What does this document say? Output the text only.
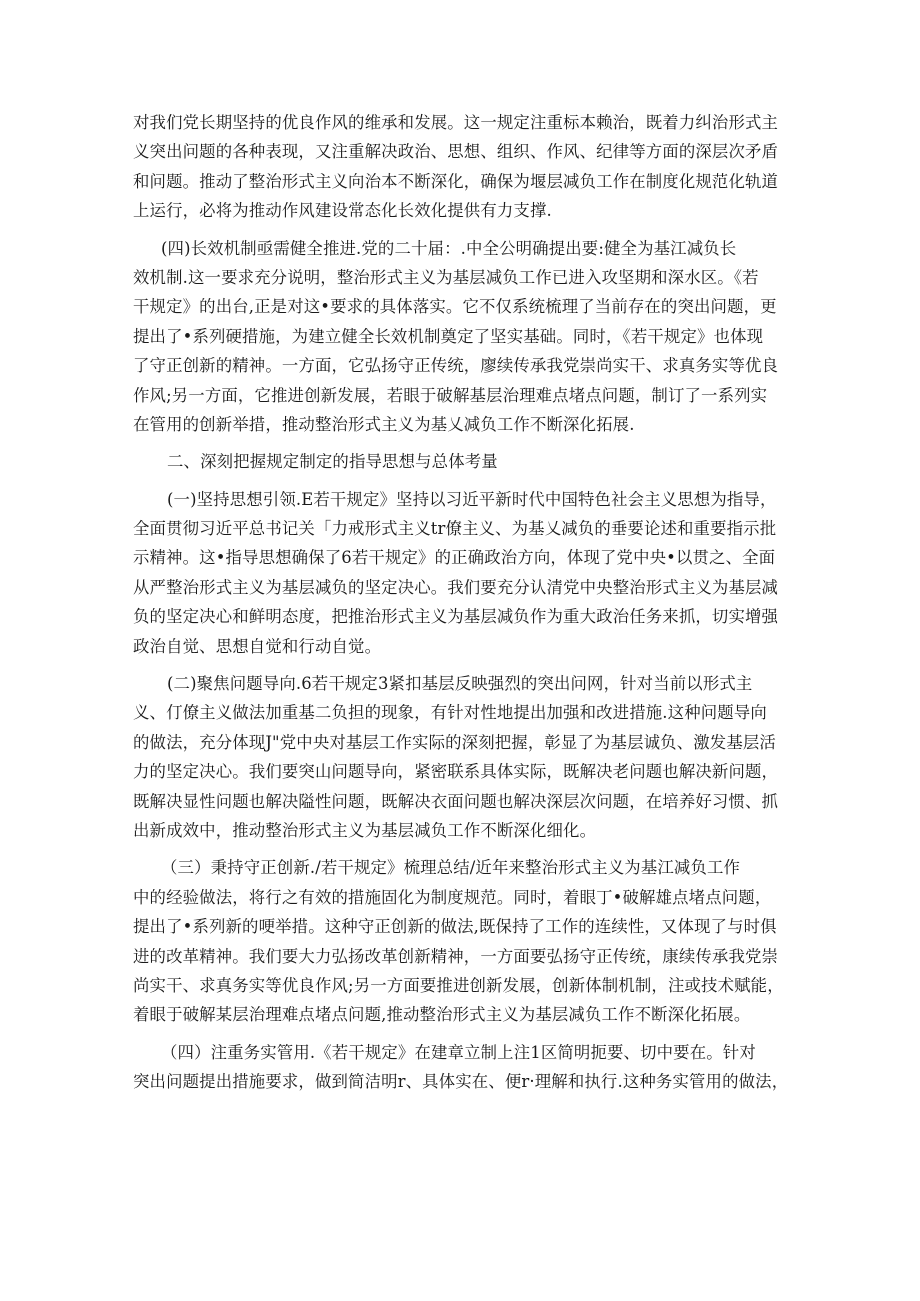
对我们党长期坚持的优良作风的维承和发展。这一规定注重标本赖治，既着力纠治形式主
义突出问题的各种表现，又注重解决政治、思想、组织、作风、纪律等方面的深层次矛盾
和问题。推动了整治形式主义向治本不断深化，确保为堰层减负工作在制度化规范化轨道
上运行，必将为推动作风建设常态化长效化提供有力支撑.
(四)长效机制亟需健全推进.党的二十届：.中全公明确提出要:健全为基江减负长
效机制.这一要求充分说明，整治形式主义为基层减负工作已进入攻坚期和深水区。《若
干规定》的出台,正是对这•要求的具体落实。它不仅系统梳理了当前存在的突出问题，更
提出了•系列硬措施，为建立健全长效机制奠定了坚实基础。同时，《若干规定》也体现
了守正创新的精神。一方面，它弘扬守正传统，廖续传承我党崇尚实干、求真务实等优良
作风;另一方面，它推进创新发展，若眼于破解基层治理难点堵点问题，制订了一系列实
在管用的创新举措，推动整治形式主义为基乂减负工作不断深化拓展.
二、深刻把握规定制定的指导思想与总体考量
(一)坚持思想引领.E若干规定》坚持以习近平新时代中国特色社会主义思想为指导，
全面贯彻习近平总书记关「力戒形式主义tr僚主义、为基乂减负的垂要论述和重要指示批
示精神。这•指导思想确保了6若干规定》的正确政治方向，体现了党中央•以贯之、全面
从严整治形式主义为基层减负的坚定决心。我们要充分认清党中央整治形式主义为基层减
负的坚定决心和鲜明态度，把推治形式主义为基层减负作为重大政治任务来抓，切实增强
政治自觉、思想自觉和行动自觉。
(二)聚焦问题导向.6若干规定3紧扣基层反映强烈的突出问网，针对当前以形式主
义、仃僚主义做法加重基二负担的现象，有针对性地提出加强和改进措施.这种问题导向
的做法，充分体现J"党中央对基层工作实际的深刻把握，彰显了为基层诚负、激发基层活
力的坚定决心。我们要突山问题导向，紧密联系具体实际，既解决老问题也解决新问题，
既解决显性问题也解决隘性问题，既解决衣面问题也解决深层次问题，在培养好习惯、抓
出新成效中，推动整治形式主义为基层减负工作不断深化细化。
（三）秉持守正创新./若干规定》梳理总结/近年来整治形式主义为基江减负工作
中的经验做法，将行之有效的措施固化为制度规范。同时，着眼丁•破解雄点堵点问题，
提出了•系列新的哽举措。这种守正创新的做法,既保持了工作的连续性，又体现了与时俱
进的改革精神。我们要大力弘扬改革创新精神，一方面要弘扬守正传统，康续传承我党崇
尚实干、求真务实等优良作风;另一方面要推进创新发展，创新体制机制，注或技术赋能，
着眼于破解某层治理难点堵点问题,推动整治形式主义为基层减负工作不断深化拓展。
（四）注重务实管用.《若干规定》在建章立制上注1区简明扼要、切中要在。针对
突出问题提出措施要求，做到简洁明r、具体实在、便r·理解和执行.这种务实管用的做法，
